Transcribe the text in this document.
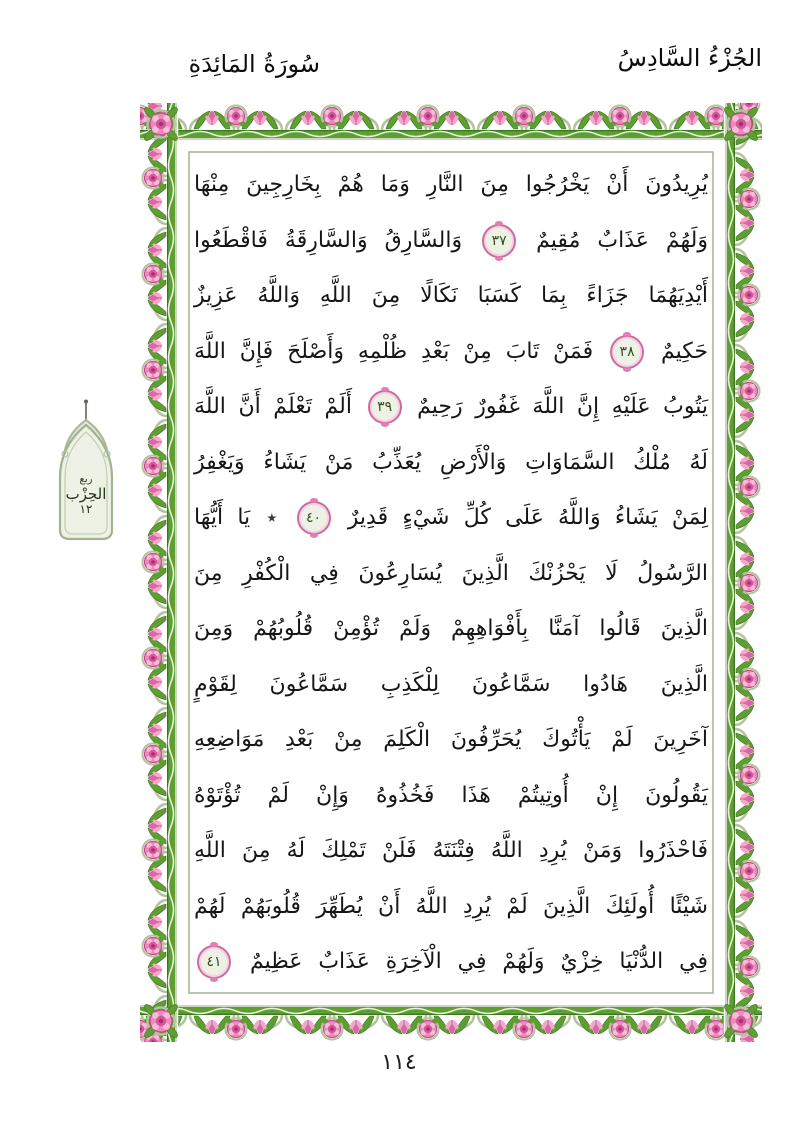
الجُزْءُ السَّادِسُ
سُورَةُ المَائِدَةِ
يُرِيدُونَ أَنْ يَخْرُجُوا مِنَ النَّارِ وَمَا هُمْ بِخَارِجِينَ مِنْهَا
وَلَهُمْ عَذَابٌ مُقِيمٌ ٣٧ وَالسَّارِقُ وَالسَّارِقَةُ فَاقْطَعُوا
أَيْدِيَهُمَا جَزَاءً بِمَا كَسَبَا نَكَالًا مِنَ اللَّهِ وَاللَّهُ عَزِيزٌ
حَكِيمٌ ٣٨ فَمَنْ تَابَ مِنْ بَعْدِ ظُلْمِهِ وَأَصْلَحَ فَإِنَّ اللَّهَ
يَتُوبُ عَلَيْهِ إِنَّ اللَّهَ غَفُورٌ رَحِيمٌ ٣٩ أَلَمْ تَعْلَمْ أَنَّ اللَّهَ
لَهُ مُلْكُ السَّمَاوَاتِ وَالْأَرْضِ يُعَذِّبُ مَنْ يَشَاءُ وَيَغْفِرُ
لِمَنْ يَشَاءُ وَاللَّهُ عَلَى كُلِّ شَيْءٍ قَدِيرٌ ٤٠ ٭ يَا أَيُّهَا
الرَّسُولُ لَا يَحْزُنْكَ الَّذِينَ يُسَارِعُونَ فِي الْكُفْرِ مِنَ
الَّذِينَ قَالُوا آمَنَّا بِأَفْوَاهِهِمْ وَلَمْ تُؤْمِنْ قُلُوبُهُمْ وَمِنَ
الَّذِينَ هَادُوا سَمَّاعُونَ لِلْكَذِبِ سَمَّاعُونَ لِقَوْمٍ
آخَرِينَ لَمْ يَأْتُوكَ يُحَرِّفُونَ الْكَلِمَ مِنْ بَعْدِ مَوَاضِعِهِ
يَقُولُونَ إِنْ أُوتِيتُمْ هَذَا فَخُذُوهُ وَإِنْ لَمْ تُؤْتَوْهُ
فَاحْذَرُوا وَمَنْ يُرِدِ اللَّهُ فِتْنَتَهُ فَلَنْ تَمْلِكَ لَهُ مِنَ اللَّهِ
شَيْئًا أُولَئِكَ الَّذِينَ لَمْ يُرِدِ اللَّهُ أَنْ يُطَهِّرَ قُلُوبَهُمْ لَهُمْ
فِي الدُّنْيَا خِزْيٌ وَلَهُمْ فِي الْآخِرَةِ عَذَابٌ عَظِيمٌ ٤١
ربع
الحِزْب
١٢
١١٤
